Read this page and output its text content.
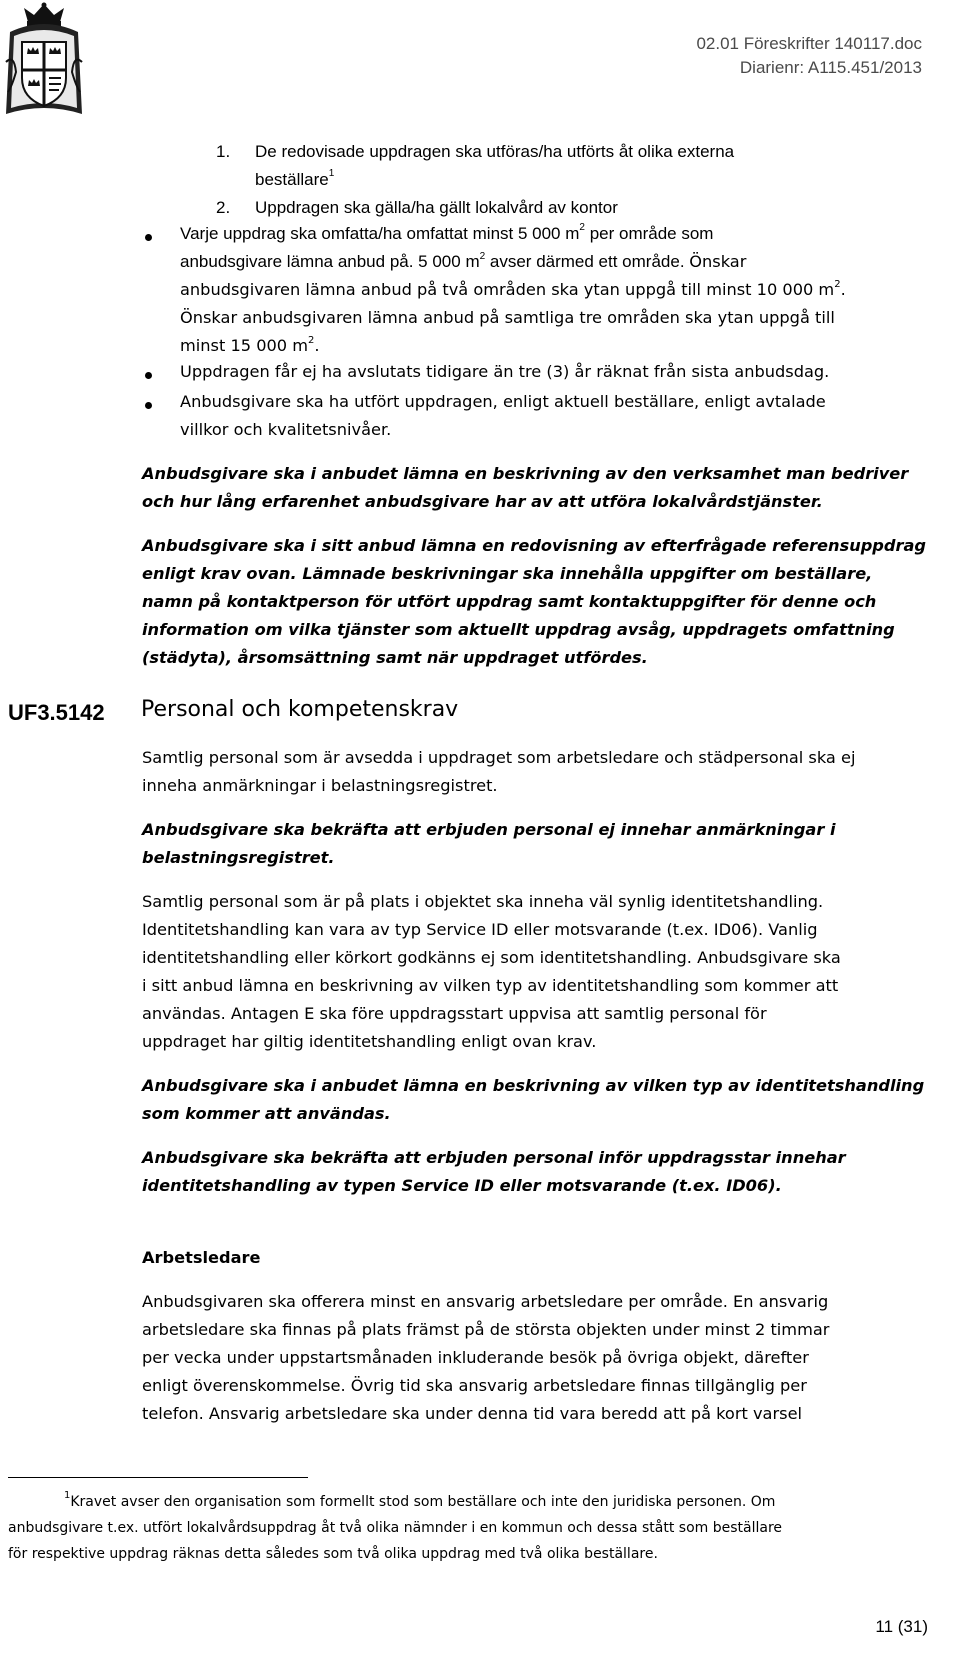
02.01 Föreskrifter 140117.doc
Diarienr: A115.451/2013
1. De redovisade uppdragen ska utföras/ha utförts åt olika externa
beställare$^1$
2. Uppdragen ska gälla/ha gällt lokalvård av kontor
Varje uppdrag ska omfatta/ha omfattat minst 5 000 $m^2$ per område som
anbudsgivare lämna anbud på. 5 000 $m^2$ avser därmed ett område. Önskar
anbudsgivaren lämna anbud på två områden ska ytan uppgå till minst 10 000 $m^2$.
Önskar anbudsgivaren lämna anbud på samtliga tre områden ska ytan uppgå till
minst 15 000 $m^2$.
Uppdragen får ej ha avslutats tidigare än tre (3) år räknat från sista anbudsdag.
Anbudsgivare ska ha utfört uppdragen, enligt aktuell beställare, enligt avtalade
villkor och kvalitetsnivåer.
Anbudsgivare ska i anbudet lämna en beskrivning av den verksamhet man bedriver
och hur lång erfarenhet anbudsgivare har av att utföra lokalvårdstjänster.
Anbudsgivare ska i sitt anbud lämna en redovisning av efterfrågade referensuppdrag
enligt krav ovan. Lämnade beskrivningar ska innehålla uppgifter om beställare,
namn på kontaktperson för utfört uppdrag samt kontaktuppgifter för denne och
information om vilka tjänster som aktuellt uppdrag avsåg, uppdragets omfattning
(städyta), årsomsättning samt när uppdraget utfördes.
UF3.5142 Personal och kompetenskrav
Samtlig personal som är avsedda i uppdraget som arbetsledare och städpersonal ska ej
inneha anmärkningar i belastningsregistret.
Anbudsgivare ska bekräfta att erbjuden personal ej innehar anmärkningar i
belastningsregistret.
Samtlig personal som är på plats i objektet ska inneha väl synlig identitetshandling.
Identitetshandling kan vara av typ Service ID eller motsvarande (t.ex. ID06). Vanlig
identitetshandling eller körkort godkänns ej som identitetshandling. Anbudsgivare ska
i sitt anbud lämna en beskrivning av vilken typ av identitetshandling som kommer att
användas. Antagen E ska före uppdragsstart uppvisa att samtlig personal för
uppdraget har giltig identitetshandling enligt ovan krav.
Anbudsgivare ska i anbudet lämna en beskrivning av vilken typ av identitetshandling
som kommer att användas.
Anbudsgivare ska bekräfta att erbjuden personal inför uppdragsstar innehar
identitetshandling av typen Service ID eller motsvarande (t.ex. ID06).
Arbetsledare
Anbudsgivaren ska offerera minst en ansvarig arbetsledare per område. En ansvarig
arbetsledare ska finnas på plats främst på de största objekten under minst 2 timmar
per vecka under uppstartsmånaden inkluderande besök på övriga objekt, därefter
enligt överenskommelse. Övrig tid ska ansvarig arbetsledare finnas tillgänglig per
telefon. Ansvarig arbetsledare ska under denna tid vara beredd att på kort varsel
$^1$Kravet avser den organisation som formellt stod som beställare och inte den juridiska personen. Om
anbudsgivare t.ex. utfört lokalvårdsuppdrag åt två olika nämnder i en kommun och dessa stått som beställare
för respektive uppdrag räknas detta således som två olika uppdrag med två olika beställare.
11 (31)
